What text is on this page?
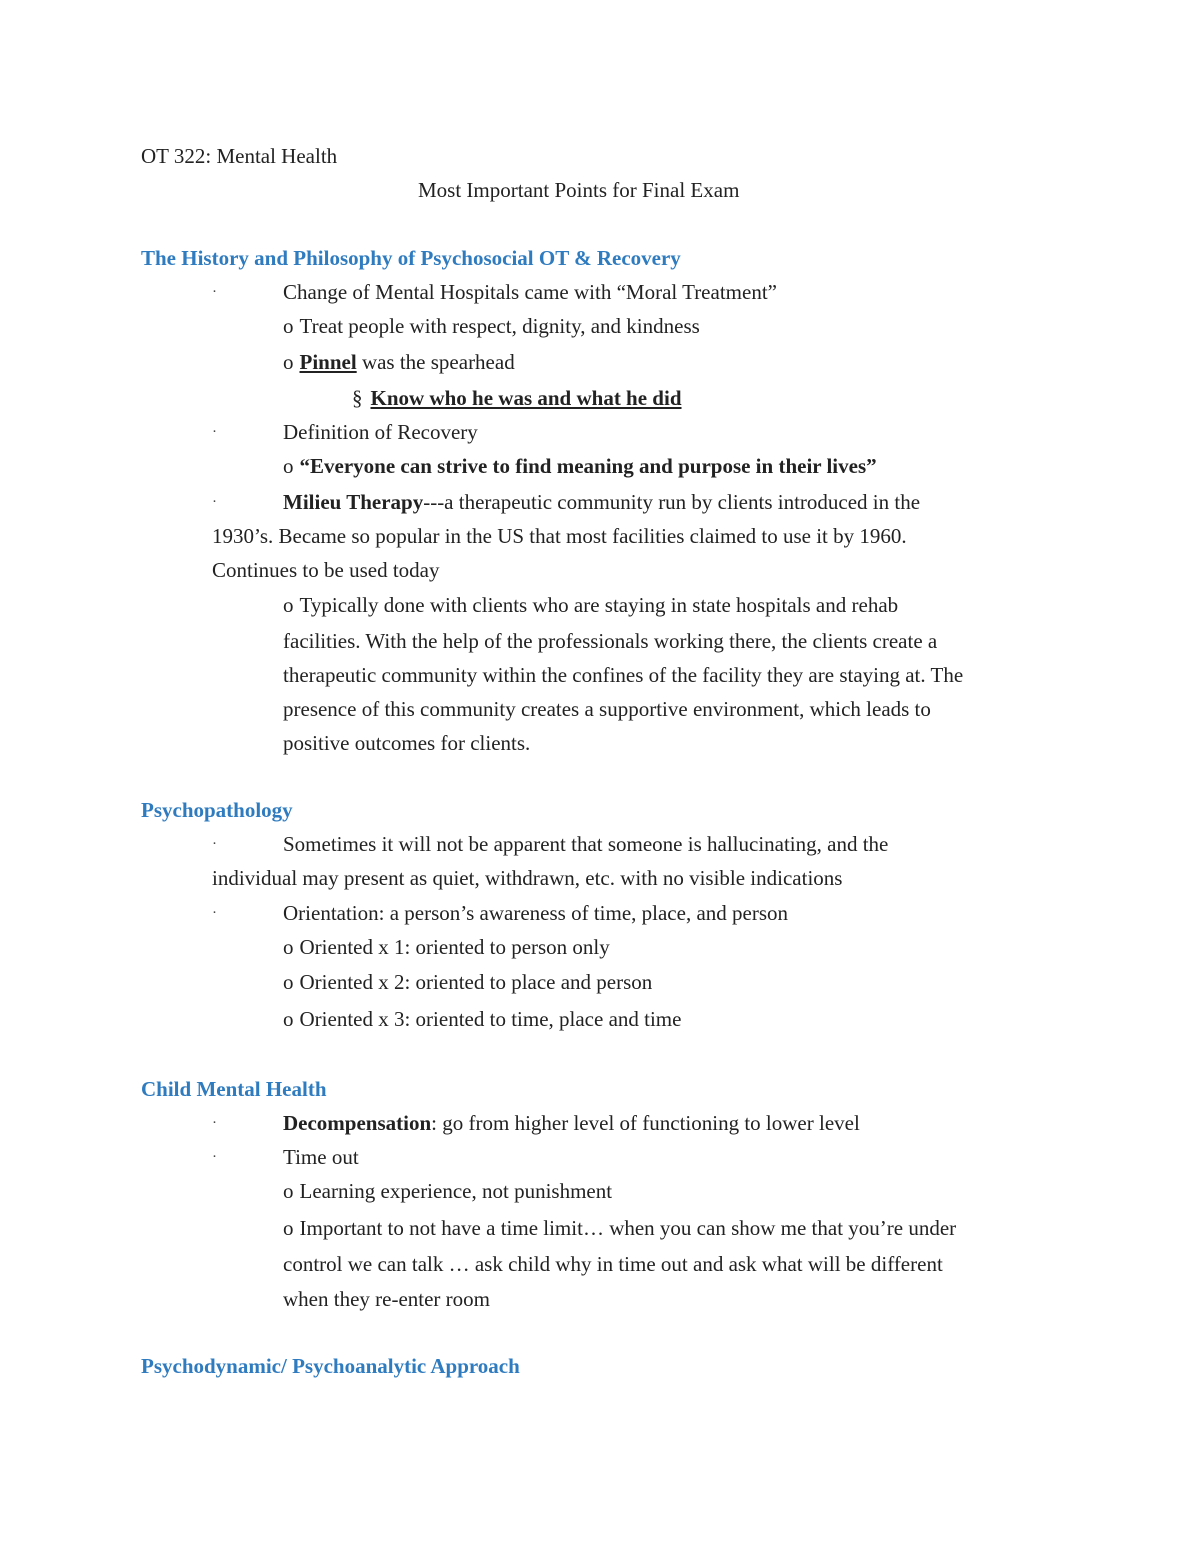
OT 322: Mental Health

Most Important Points for Final Exam

The History and Philosophy of Psychosocial OT & Recovery

·	Change of Mental Hospitals came with “Moral Treatment”

o Treat people with respect, dignity, and kindness

o Pinnel was the spearhead

§ Know who he was and what he did

·	Definition of Recovery

o “Everyone can strive to find meaning and purpose in their lives”

·	Milieu Therapy---a therapeutic community run by clients introduced in the

1930’s. Became so popular in the US that most facilities claimed to use it by 1960.

Continues to be used today

o Typically done with clients who are staying in state hospitals and rehab

facilities. With the help of the professionals working there, the clients create a

therapeutic community within the confines of the facility they are staying at. The

presence of this community creates a supportive environment, which leads to

positive outcomes for clients.

Psychopathology

·	Sometimes it will not be apparent that someone is hallucinating, and the

individual may present as quiet, withdrawn, etc. with no visible indications

·	Orientation: a person’s awareness of time, place, and person

o Oriented x 1: oriented to person only

o Oriented x 2: oriented to place and person

o Oriented x 3: oriented to time, place and time

Child Mental Health

·	Decompensation: go from higher level of functioning to lower level

·	Time out

o Learning experience, not punishment

o Important to not have a time limit… when you can show me that you’re under

control we can talk … ask child why in time out and ask what will be different

when they re-enter room

Psychodynamic/ Psychoanalytic Approach
